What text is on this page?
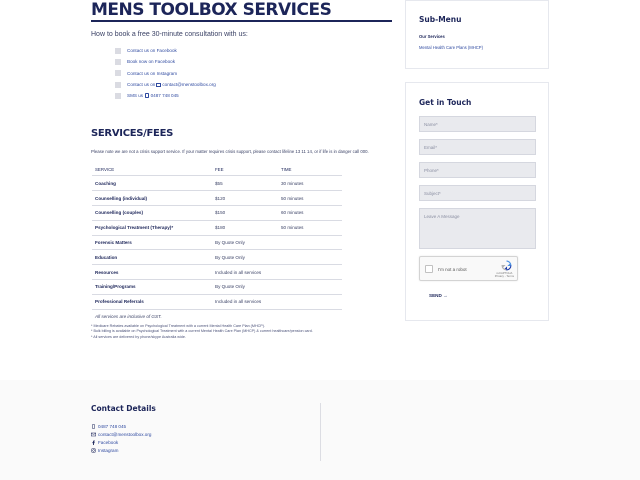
MENS TOOLBOX SERVICES

How to book a free 30-minute consultation with us:

Contact us on Facebook
Book now on Facebook
Contact us on Instagram
Contact us on contact@menstoolbox.org
SMS us 0487 748 045
SERVICES/FEES

Please note we are not a crisis support service. If your matter requires crisis support, please contact lifeline 13 11 14, or if life is in danger call 000.

SERVICE	FEE	TIME
Coaching	$55	30 minutes
Counselling (individual)	$120	50 minutes
Counselling (couples)	$150	60 minutes
Psychological Treatment (Therapy)*	$180	50 minutes
Forensic Matters	By Quote Only	
Education	By Quote Only	
Resources	Included in all services	
Training/Programs	By Quote Only	
Professional Referrals	Included in all services	
All services are inclusive of GST.		
* Medicare Rebates available on Psychological Treatment with a current Mental Health Care Plan (MHCP).
* Bulk billing is available on Psychological Treatment with a current Mental Health Care Plan (MHCP) & current healthcare/pension card.
* All services are delivered by phone/skype Australia wide.
Sub-Menu
Our Services
Mental Health Care Plans (MHCP)
Get in Touch
Name*
Email*
Phone*
Subject*
Leave A Message
I'm not a robot
reCAPTCHA
Privacy - Terms
SEND →
Contact Details
0487 748 045
contact@menstoolbox.org
Facebook
Instagram
